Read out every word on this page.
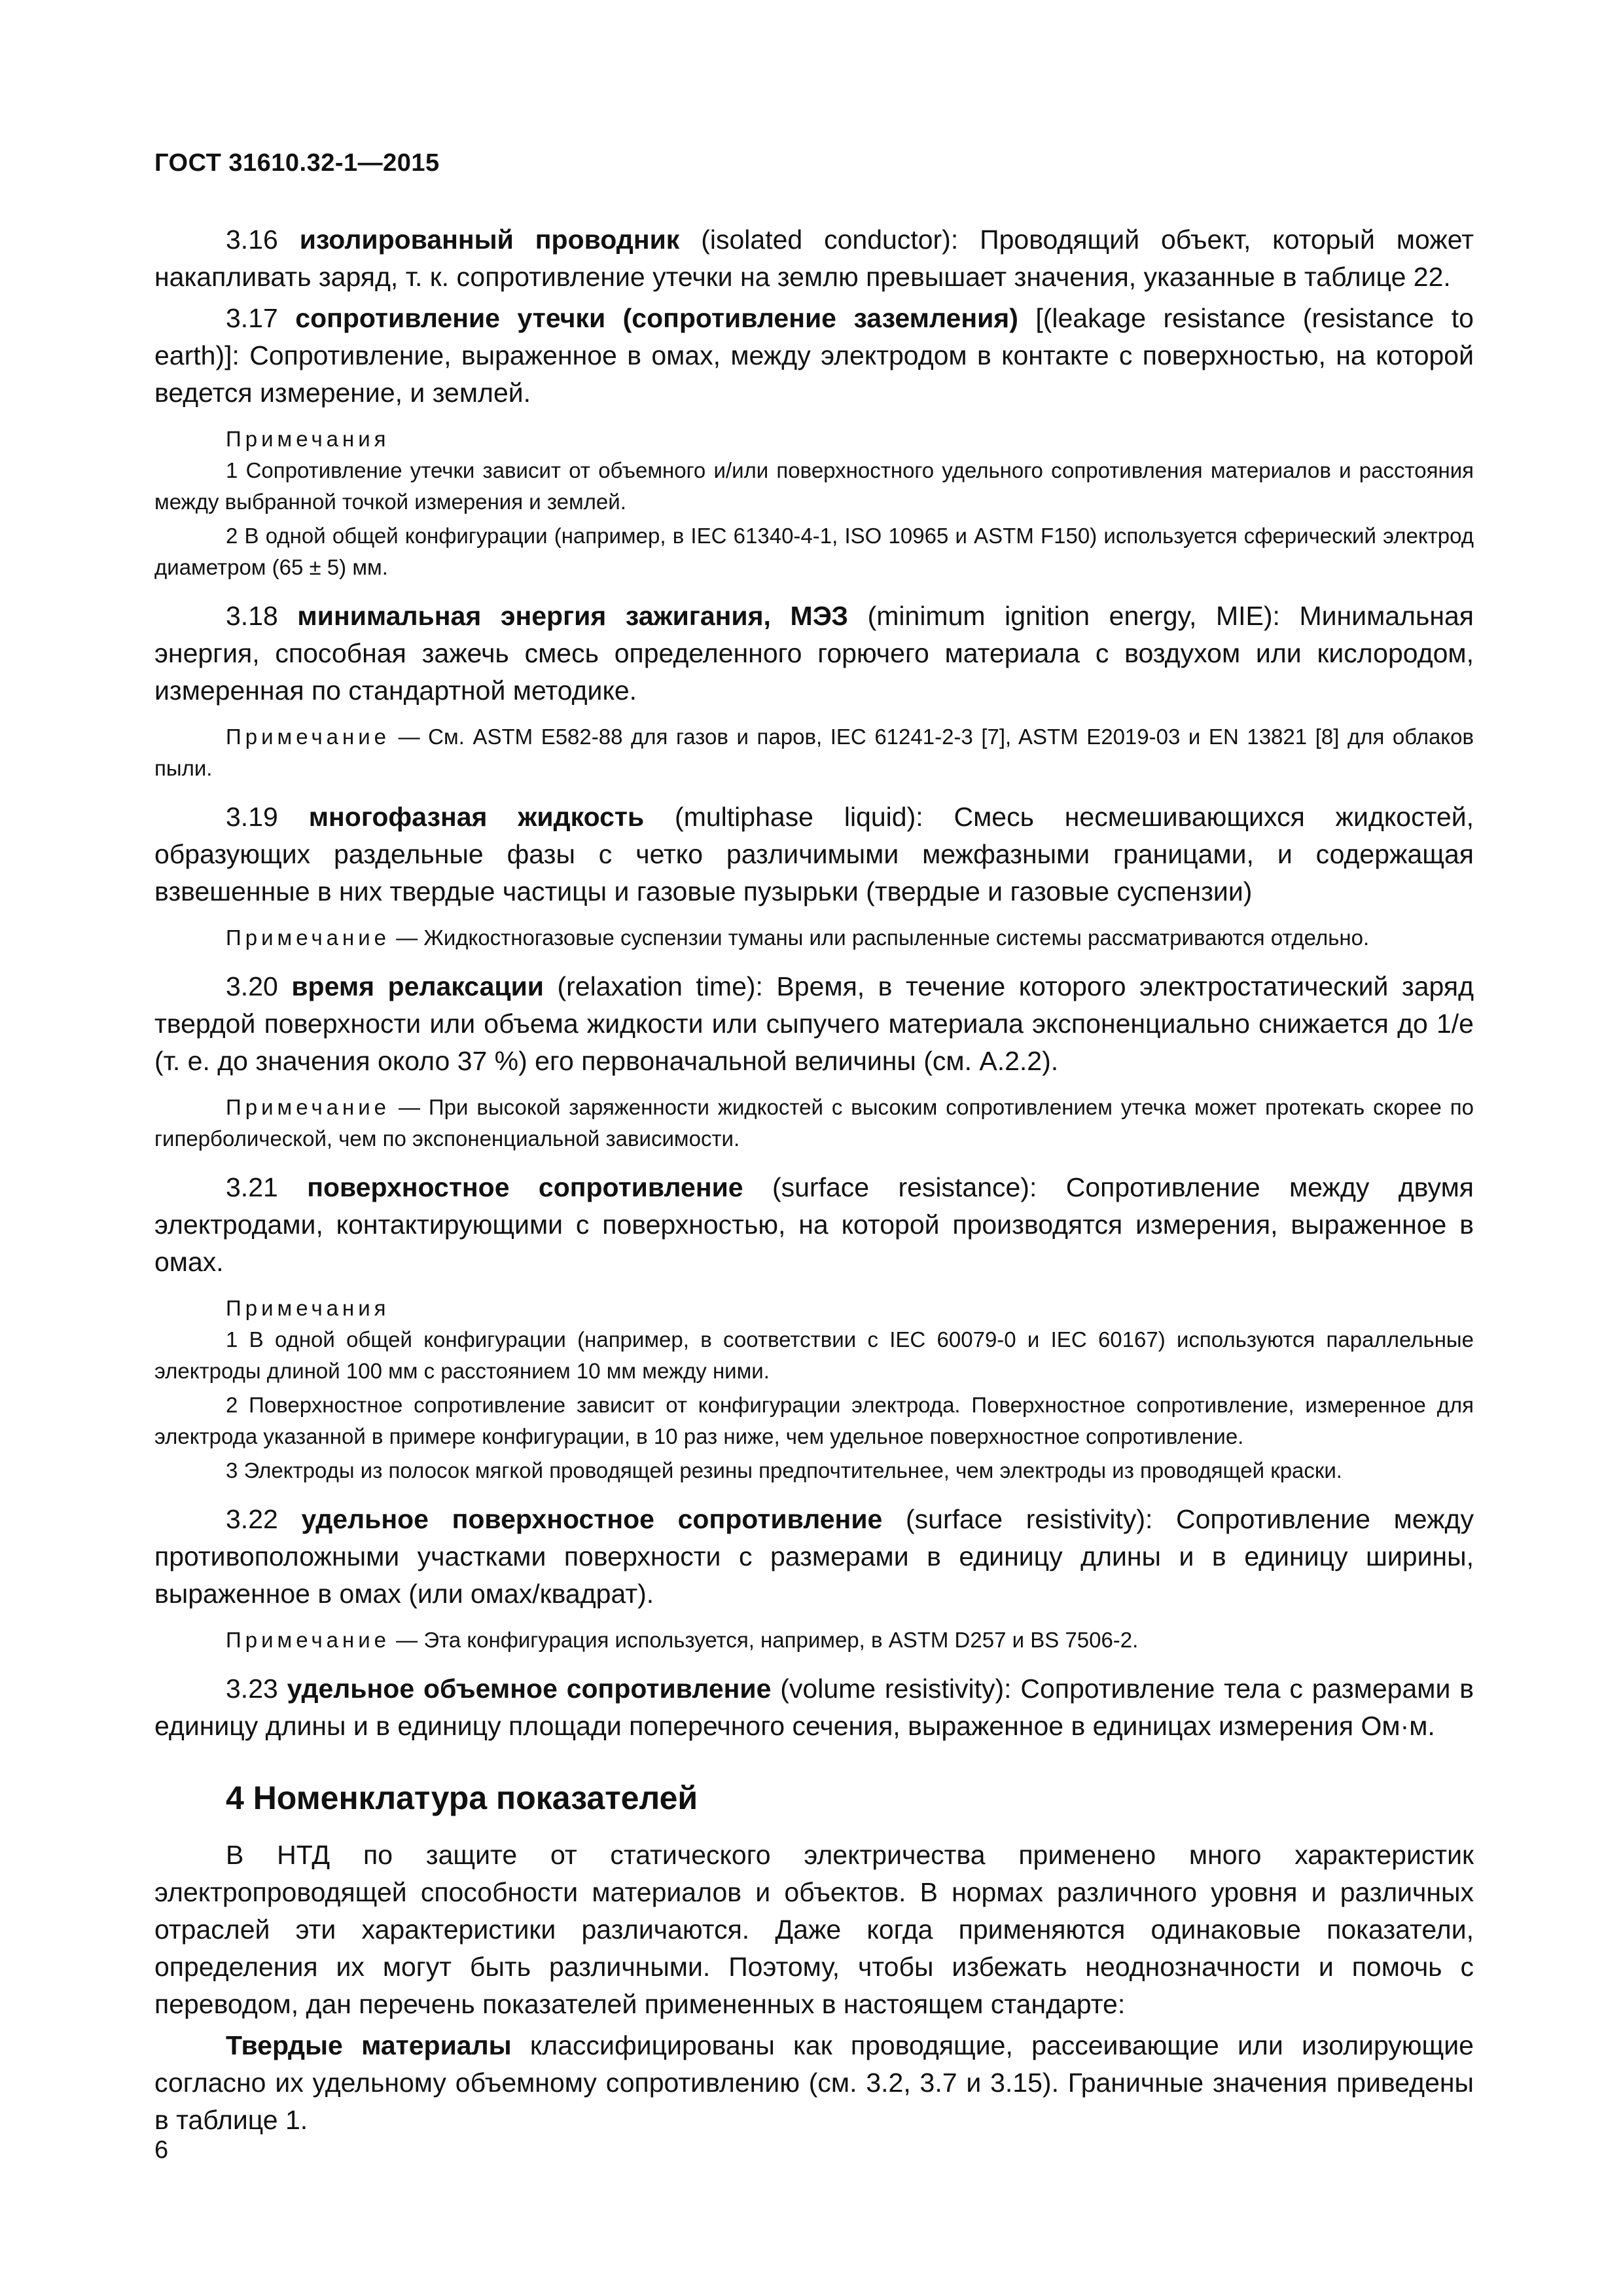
ГОСТ 31610.32-1—2015

3.16 изолированный проводник (isolated conductor): Проводящий объект, который может накапливать заряд, т. к. сопротивление утечки на землю превышает значения, указанные в таблице 22.

3.17 сопротивление утечки (сопротивление заземления) [(leakage resistance (resistance to earth)]: Сопротивление, выраженное в омах, между электродом в контакте с поверхностью, на которой ведется измерение, и землей.

Примечания

1 Сопротивление утечки зависит от объемного и/или поверхностного удельного сопротивления материалов и расстояния между выбранной точкой измерения и землей.

2 В одной общей конфигурации (например, в IEC 61340-4-1, ISO 10965 и ASTM F150) используется сферический электрод диаметром (65 ± 5) мм.

3.18 минимальная энергия зажигания, МЭЗ (minimum ignition energy, MIE): Минимальная энергия, способная зажечь смесь определенного горючего материала с воздухом или кислородом, измеренная по стандартной методике.

Примечание — См. ASTM E582-88 для газов и паров, IEC 61241-2-3 [7], ASTM E2019-03 и EN 13821 [8] для облаков пыли.

3.19 многофазная жидкость (multiphase liquid): Смесь несмешивающихся жидкостей, образующих раздельные фазы с четко различимыми межфазными границами, и содержащая взвешенные в них твердые частицы и газовые пузырьки (твердые и газовые суспензии)

Примечание — Жидкостногазовые суспензии туманы или распыленные системы рассматриваются отдельно.

3.20 время релаксации (relaxation time): Время, в течение которого электростатический заряд твердой поверхности или объема жидкости или сыпучего материала экспоненциально снижается до 1/е (т. е. до значения около 37 %) его первоначальной величины (см. А.2.2).

Примечание — При высокой заряженности жидкостей с высоким сопротивлением утечка может протекать скорее по гиперболической, чем по экспоненциальной зависимости.

3.21 поверхностное сопротивление (surface resistance): Сопротивление между двумя электродами, контактирующими с поверхностью, на которой производятся измерения, выраженное в омах.

Примечания

1 В одной общей конфигурации (например, в соответствии с IEC 60079-0 и IEC 60167) используются параллельные электроды длиной 100 мм с расстоянием 10 мм между ними.

2 Поверхностное сопротивление зависит от конфигурации электрода. Поверхностное сопротивление, измеренное для электрода указанной в примере конфигурации, в 10 раз ниже, чем удельное поверхностное сопротивление.

3 Электроды из полосок мягкой проводящей резины предпочтительнее, чем электроды из проводящей краски.

3.22 удельное поверхностное сопротивление (surface resistivity): Сопротивление между противоположными участками поверхности с размерами в единицу длины и в единицу ширины, выраженное в омах (или омах/квадрат).

Примечание — Эта конфигурация используется, например, в ASTM D257 и BS 7506-2.

3.23 удельное объемное сопротивление (volume resistivity): Сопротивление тела с размерами в единицу длины и в единицу площади поперечного сечения, выраженное в единицах измерения Ом·м.

4 Номенклатура показателей

В НТД по защите от статического электричества применено много характеристик электропроводящей способности материалов и объектов. В нормах различного уровня и различных отраслей эти характеристики различаются. Даже когда применяются одинаковые показатели, определения их могут быть различными. Поэтому, чтобы избежать неоднозначности и помочь с переводом, дан перечень показателей примененных в настоящем стандарте:

Твердые материалы классифицированы как проводящие, рассеивающие или изолирующие согласно их удельному объемному сопротивлению (см. 3.2, 3.7 и 3.15). Граничные значения приведены в таблице 1.

6
